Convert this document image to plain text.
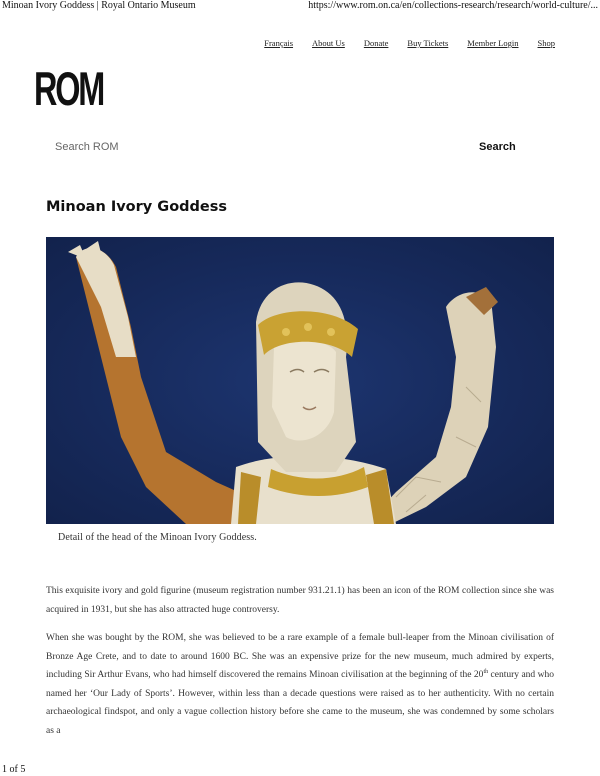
Minoan Ivory Goddess | Royal Ontario Museum	https://www.rom.on.ca/en/collections-research/research/world-culture/...
Français About Us Donate Buy Tickets Member Login Shop
ROM
Search ROM	Search
Minoan Ivory Goddess
Detail of the head of the Minoan Ivory Goddess.

This exquisite ivory and gold figurine (museum registration number 931.21.1) has been an icon of the ROM collection since she was acquired in 1931, but she has also attracted huge controversy.

When she was bought by the ROM, she was believed to be a rare example of a female bull-leaper from the Minoan civilisation of Bronze Age Crete, and to date to around 1600 BC. She was an expensive prize for the new museum, much admired by experts, including Sir Arthur Evans, who had himself discovered the remains Minoan civilisation at the beginning of the 20th century and who named her ‘Our Lady of Sports’. However, within less than a decade questions were raised as to her authenticity. With no certain archaeological findspot, and only a vague collection history before she came to the museum, she was condemned by some scholars as a

1 of 5
